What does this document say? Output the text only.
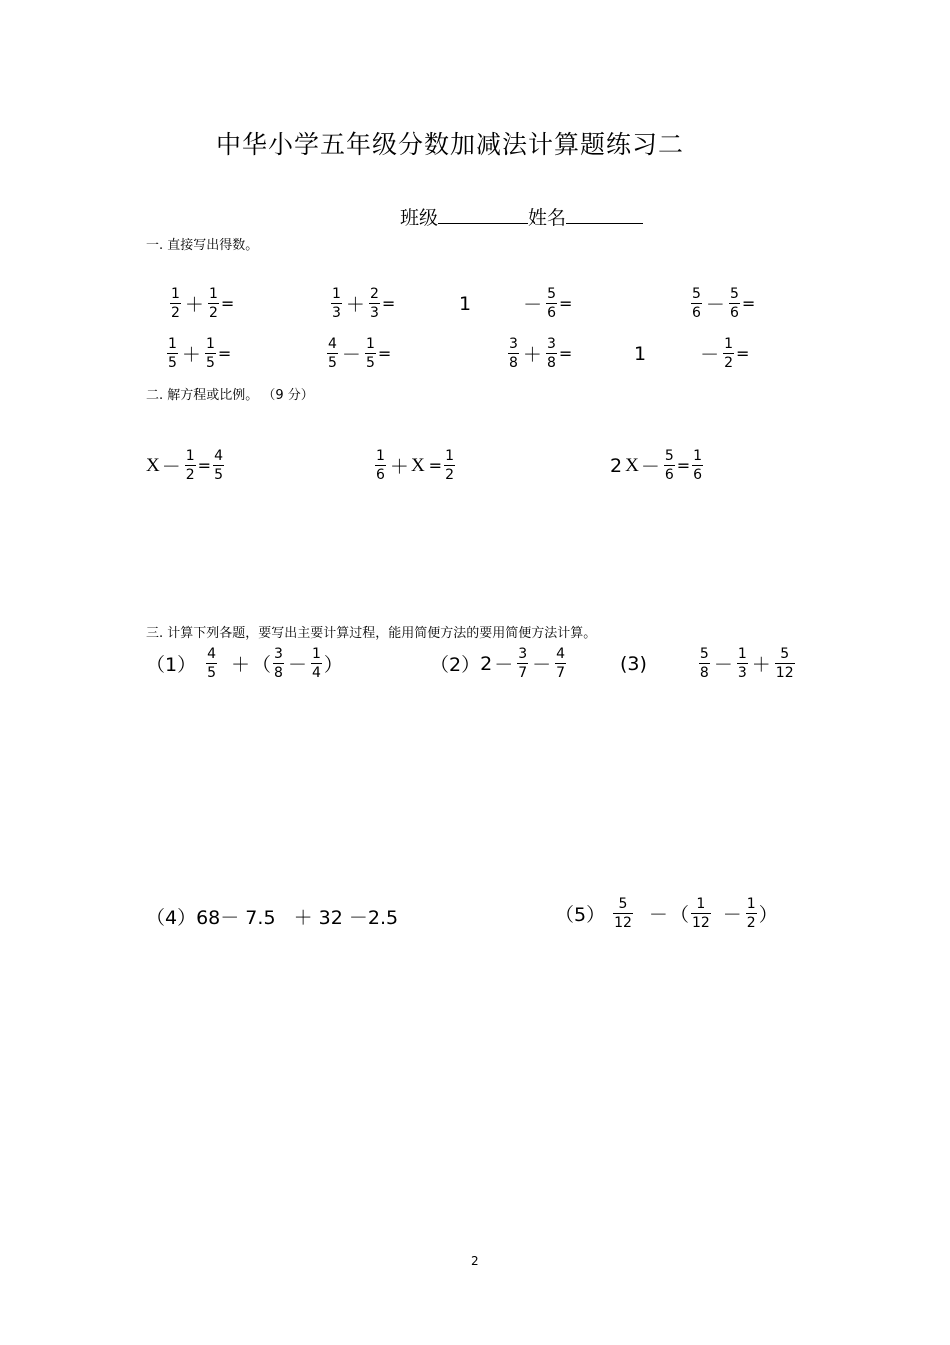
中华小学五年级分数加减法计算题练习二
班级	姓名
一. 直接写出得数。
$\frac{1}{2} + \frac{1}{2}$ =	$\frac{1}{3} + \frac{2}{3}$ =	1	－ $\frac{5}{6}$ =	$\frac{5}{6} - \frac{5}{6}$ =
$\frac{1}{5} + \frac{1}{5}$ =	$\frac{4}{5} - \frac{1}{5}$ =	$\frac{3}{8} + \frac{3}{8}$ =	1	－ $\frac{1}{2}$ =
二. 解方程或比例。 （9 分）
$X - \frac{1}{2} = \frac{4}{5}$	$\frac{1}{6} + X = \frac{1}{2}$	2 $X - \frac{5}{6} = \frac{1}{6}$
三. 计算下列各题，要写出主要计算过程，能用简便方法的要用简便方法计算。
$(1) \frac{4}{5}$ ＋ （ $\frac{3}{8} - \frac{1}{4}$ ）	（2） $2 - \frac{3}{7} - \frac{4}{7}$	(3)	$\frac{5}{8} - \frac{1}{3} + \frac{5}{12}$
（4） 68－ 7.5   ＋ 32 －2.5	$(5) \frac{5}{12}$ － （ $\frac{1}{12} - \frac{1}{2}$ ）
2
